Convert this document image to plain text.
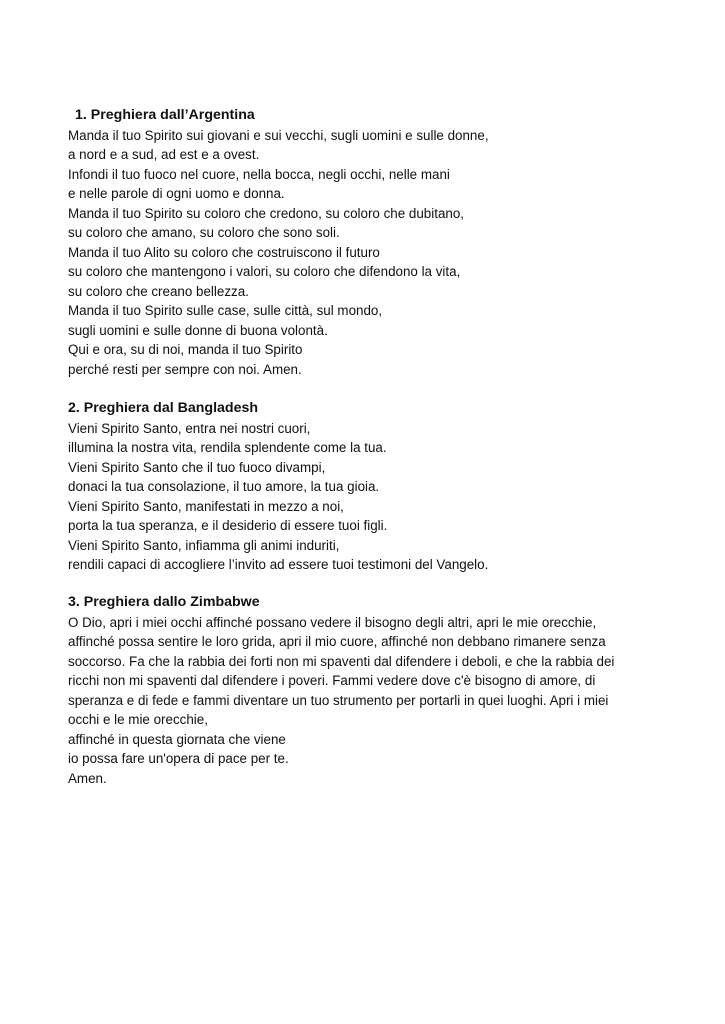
1. Preghiera dall’Argentina
Manda il tuo Spirito sui giovani e sui vecchi, sugli uomini e sulle donne,
a nord e a sud, ad est e a ovest.
Infondi il tuo fuoco nel cuore, nella bocca, negli occhi, nelle mani
e nelle parole di ogni uomo e donna.
Manda il tuo Spirito su coloro che credono, su coloro che dubitano,
su coloro che amano, su coloro che sono soli.
Manda il tuo Alito su coloro che costruiscono il futuro
su coloro che mantengono i valori, su coloro che difendono la vita,
su coloro che creano bellezza.
Manda il tuo Spirito sulle case, sulle città, sul mondo,
sugli uomini e sulle donne di buona volontà.
Qui e ora, su di noi, manda il tuo Spirito
perché resti per sempre con noi. Amen.
2. Preghiera dal Bangladesh
Vieni Spirito Santo, entra nei nostri cuori,
illumina la nostra vita, rendila splendente come la tua.
Vieni Spirito Santo che il tuo fuoco divampi,
donaci la tua consolazione, il tuo amore, la tua gioia.
Vieni Spirito Santo, manifestati in mezzo a noi,
porta la tua speranza, e il desiderio di essere tuoi figli.
Vieni Spirito Santo, infiamma gli animi induriti,
rendili capaci di accogliere l’invito ad essere tuoi testimoni del Vangelo.
3. Preghiera dallo Zimbabwe
O Dio, apri i miei occhi affinché possano vedere il bisogno degli altri, apri le mie orecchie,
affinché possa sentire le loro grida, apri il mio cuore, affinché non debbano rimanere senza
soccorso. Fa che la rabbia dei forti non mi spaventi dal difendere i deboli, e che la rabbia dei
ricchi non mi spaventi dal difendere i poveri. Fammi vedere dove c'è bisogno di amore, di
speranza e di fede e fammi diventare un tuo strumento per portarli in quei luoghi. Apri i miei
occhi e le mie orecchie,
affinché in questa giornata che viene
io possa fare un'opera di pace per te.
Amen.
